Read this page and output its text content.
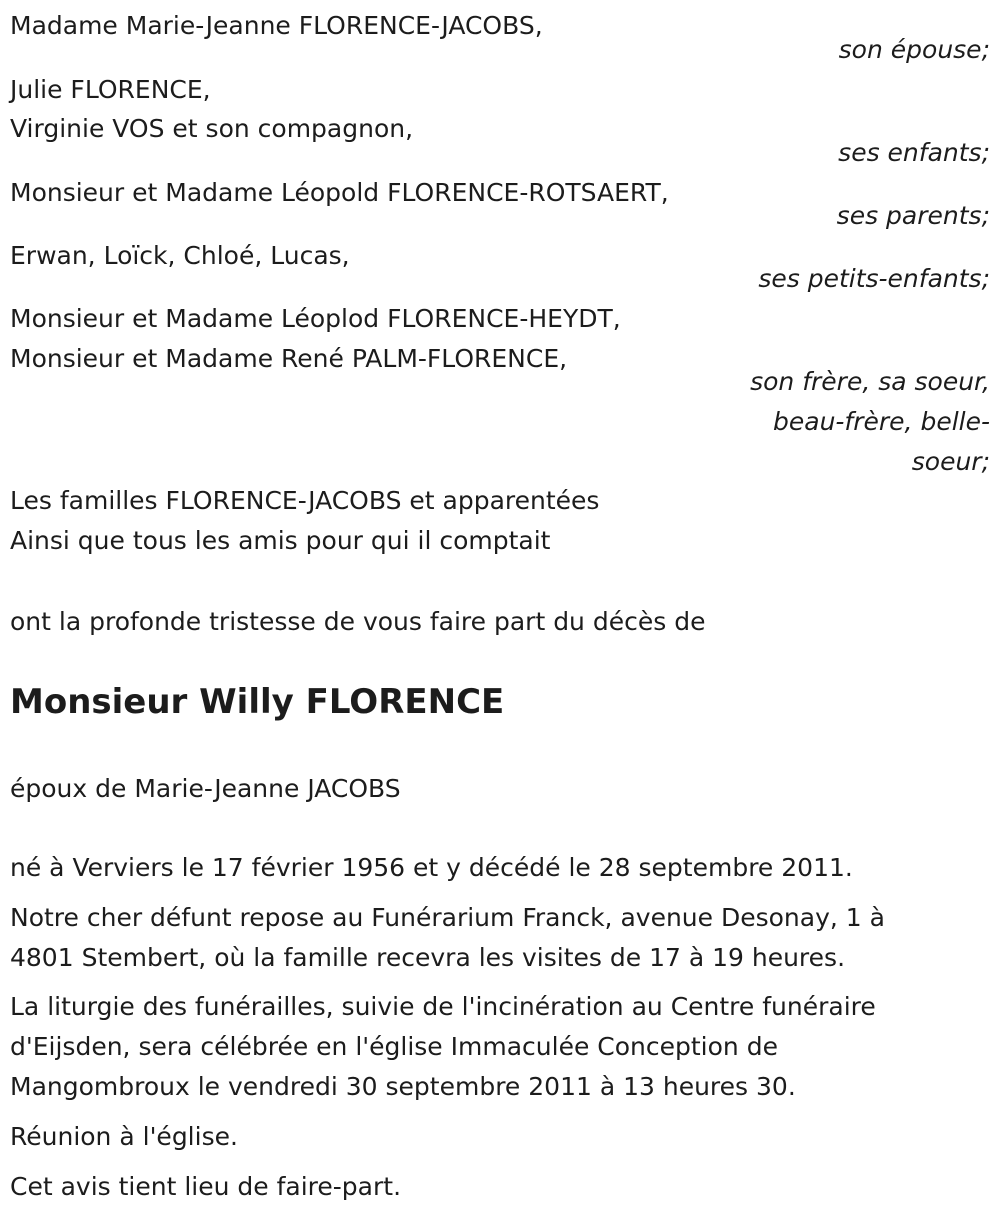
Madame Marie-Jeanne FLORENCE-JACOBS,
son épouse;
Julie FLORENCE,
Virginie VOS et son compagnon,
ses enfants;
Monsieur et Madame Léopold FLORENCE-ROTSAERT,
ses parents;
Erwan, Loïck, Chloé, Lucas,
ses petits-enfants;
Monsieur et Madame Léoplod FLORENCE-HEYDT,
Monsieur et Madame René PALM-FLORENCE,
son frère, sa soeur,
beau-frère, belle-
soeur;
Les familles FLORENCE-JACOBS et apparentées
Ainsi que tous les amis pour qui il comptait
ont la profonde tristesse de vous faire part du décès de
Monsieur Willy FLORENCE
époux de Marie-Jeanne JACOBS
né à Verviers le 17 février 1956 et y décédé le 28 septembre 2011.
Notre cher défunt repose au Funérarium Franck, avenue Desonay, 1 à
4801 Stembert, où la famille recevra les visites de 17 à 19 heures.
La liturgie des funérailles, suivie de l'incinération au Centre funéraire
d'Eijsden, sera célébrée en l'église Immaculée Conception de
Mangombroux le vendredi 30 septembre 2011 à 13 heures 30.
Réunion à l'église.
Cet avis tient lieu de faire-part.
